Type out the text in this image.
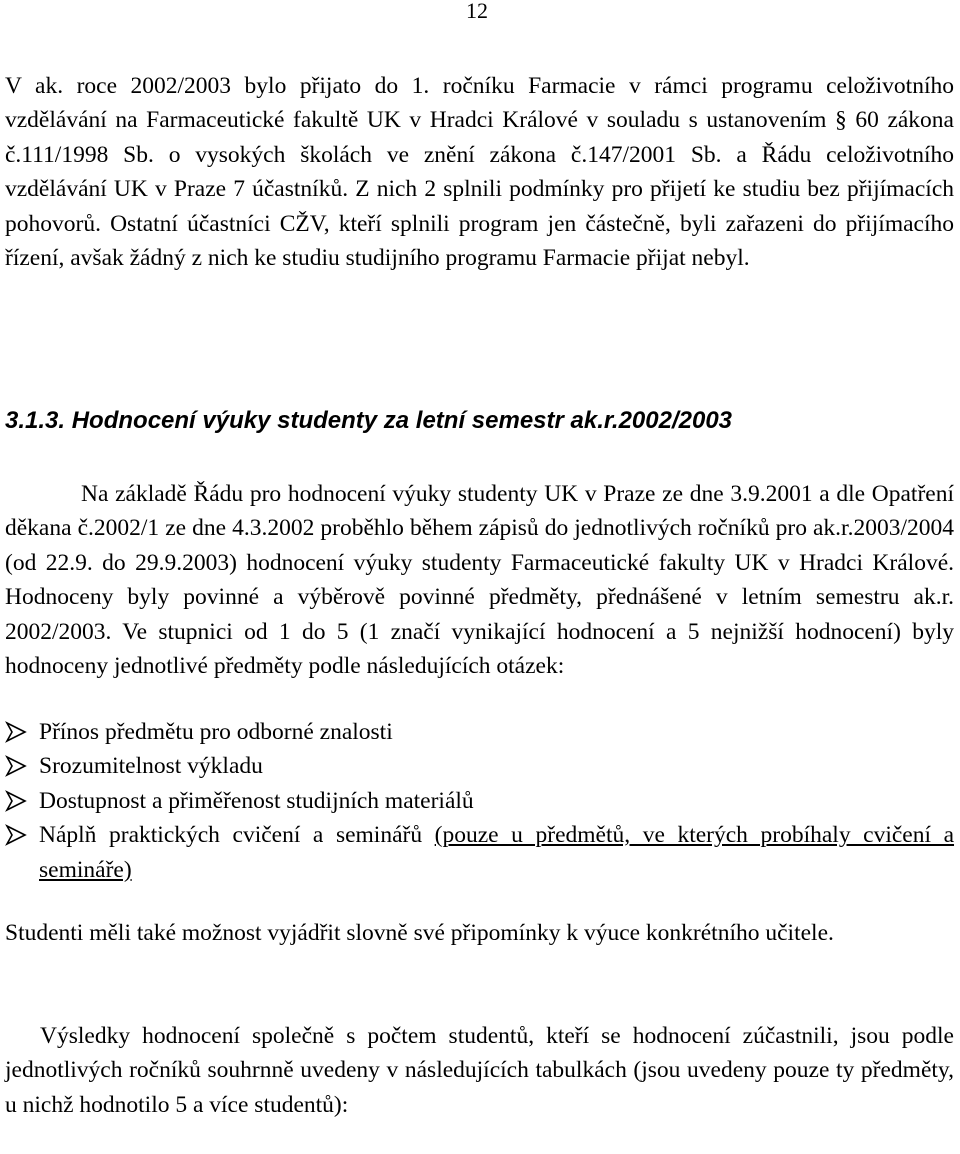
12

V ak. roce 2002/2003 bylo přijato do 1. ročníku Farmacie v rámci programu celoživotního vzdělávání na Farmaceutické fakultě UK v Hradci Králové v souladu s ustanovením § 60 zákona č.111/1998 Sb. o vysokých školách ve znění zákona č.147/2001 Sb. a Řádu celoživotního vzdělávání UK v Praze 7 účastníků. Z nich 2 splnili podmínky pro přijetí ke studiu bez přijímacích pohovorů. Ostatní účastníci CŽV, kteří splnili program jen částečně, byli zařazeni do přijímacího řízení, avšak žádný z nich ke studiu studijního programu Farmacie přijat nebyl.

3.1.3. Hodnocení výuky studenty za letní semestr ak.r.2002/2003

Na základě Řádu pro hodnocení výuky studenty UK v Praze ze dne 3.9.2001 a dle Opatření děkana č.2002/1 ze dne 4.3.2002 proběhlo během zápisů do jednotlivých ročníků pro ak.r.2003/2004 (od 22.9. do 29.9.2003) hodnocení výuky studenty Farmaceutické fakulty UK v Hradci Králové. Hodnoceny byly povinné a výběrově povinné předměty, přednášené v letním semestru ak.r. 2002/2003. Ve stupnici od 1 do 5 (1 značí vynikající hodnocení a 5 nejnižší hodnocení) byly hodnoceny jednotlivé předměty podle následujících otázek:

Přínos předmětu pro odborné znalosti
Srozumitelnost výkladu
Dostupnost a přiměřenost studijních materiálů
Náplň praktických cvičení a seminářů (pouze u předmětů, ve kterých probíhaly cvičení a semináře)

Studenti měli také možnost vyjádřit slovně své připomínky k výuce konkrétního učitele.

Výsledky hodnocení společně s počtem studentů, kteří se hodnocení zúčastnili, jsou podle jednotlivých ročníků souhrnně uvedeny v následujících tabulkách (jsou uvedeny pouze ty předměty, u nichž hodnotilo 5 a více studentů):
